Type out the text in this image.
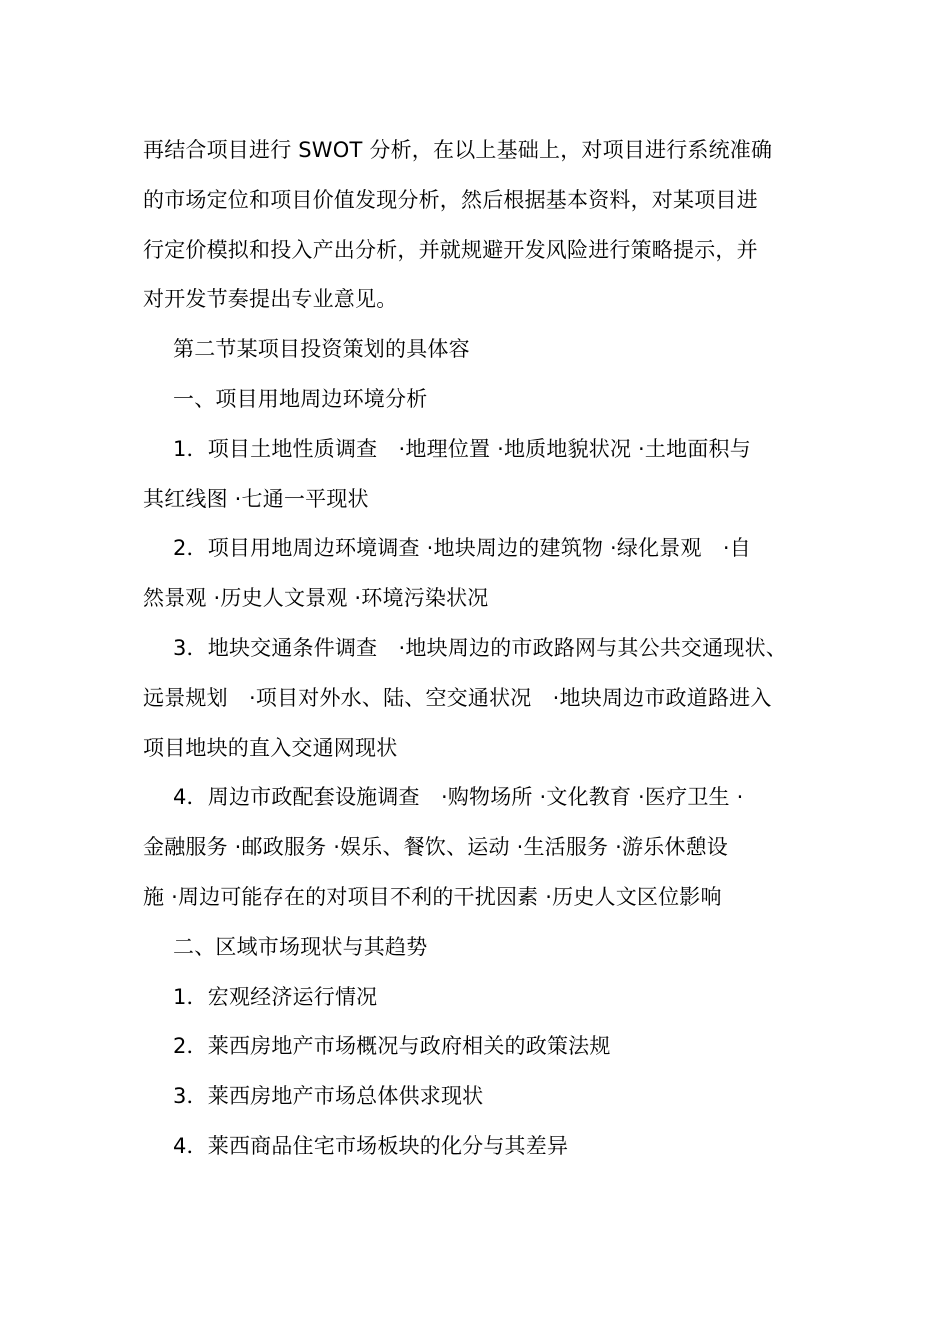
再结合项目进行 SWOT 分析，在以上基础上，对项目进行系统准确
的市场定位和项目价值发现分析，然后根据基本资料，对某项目进
行定价模拟和投入产出分析，并就规避开发风险进行策略提示，并
对开发节奏提出专业意见。
第二节某项目投资策划的具体容
一、项目用地周边环境分析
1．项目土地性质调查　·地理位置 ·地质地貌状况 ·土地面积与
其红线图 ·七通一平现状
2．项目用地周边环境调查 ·地块周边的建筑物 ·绿化景观　·自
然景观 ·历史人文景观 ·环境污染状况
3．地块交通条件调查　·地块周边的市政路网与其公共交通现状、
远景规划　·项目对外水、陆、空交通状况　·地块周边市政道路进入
项目地块的直入交通网现状
4．周边市政配套设施调查　·购物场所 ·文化教育 ·医疗卫生 ·
金融服务 ·邮政服务 ·娱乐、餐饮、运动 ·生活服务 ·游乐休憩设
施 ·周边可能存在的对项目不利的干扰因素 ·历史人文区位影响
二、区域市场现状与其趋势
1．宏观经济运行情况
2．莱西房地产市场概况与政府相关的政策法规
3．莱西房地产市场总体供求现状
4．莱西商品住宅市场板块的化分与其差异
